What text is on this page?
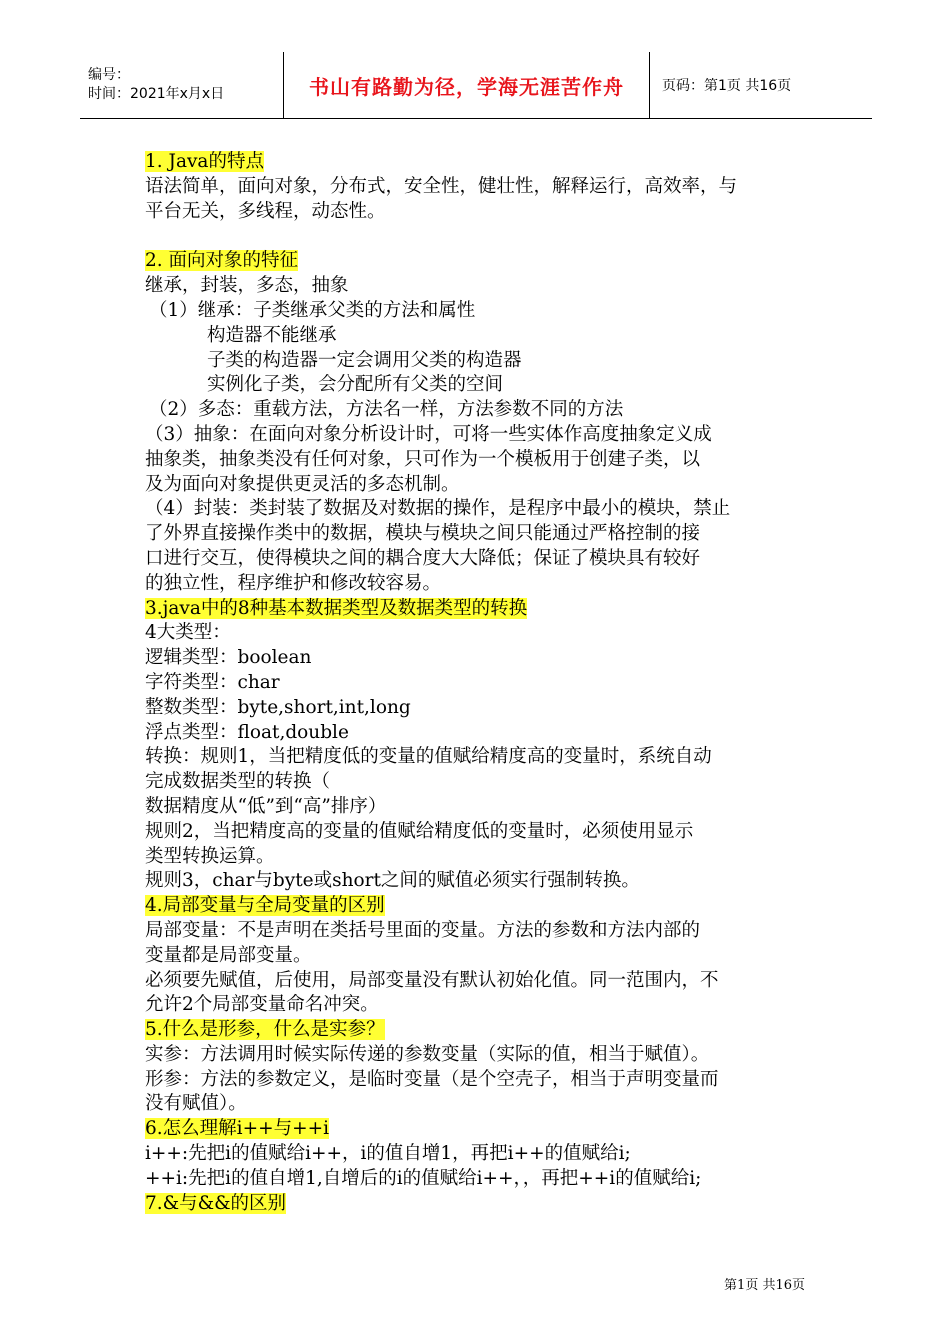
编号：
时间：2021年x月x日	书山有路勤为径，学海无涯苦作舟	页码：第1页 共16页
1. Java的特点
语法简单，面向对象，分布式，安全性，健壮性，解释运行，高效率，与
平台无关，多线程，动态性。
2. 面向对象的特征
继承，封装，多态，抽象
（1）继承：子类继承父类的方法和属性
构造器不能继承
子类的构造器一定会调用父类的构造器
实例化子类，会分配所有父类的空间
（2）多态：重载方法，方法名一样，方法参数不同的方法
（3）抽象：在面向对象分析设计时，可将一些实体作高度抽象定义成
抽象类，抽象类没有任何对象，只可作为一个模板用于创建子类，以
及为面向对象提供更灵活的多态机制。
（4）封装：类封装了数据及对数据的操作，是程序中最小的模块，禁止
了外界直接操作类中的数据，模块与模块之间只能通过严格控制的接
口进行交互，使得模块之间的耦合度大大降低；保证了模块具有较好
的独立性，程序维护和修改较容易。
3.java中的8种基本数据类型及数据类型的转换
4大类型：
逻辑类型：boolean
字符类型：char
整数类型：byte,short,int,long
浮点类型：float,double
转换：规则1，当把精度低的变量的值赋给精度高的变量时，系统自动
完成数据类型的转换（
数据精度从“低”到“高”排序）
规则2，当把精度高的变量的值赋给精度低的变量时，必须使用显示
类型转换运算。
规则3，char与byte或short之间的赋值必须实行强制转换。
4.局部变量与全局变量的区别
局部变量：不是声明在类括号里面的变量。方法的参数和方法内部的
变量都是局部变量。
必须要先赋值，后使用，局部变量没有默认初始化值。同一范围内，不
允许2个局部变量命名冲突。
5.什么是形参，什么是实参？
实参：方法调用时候实际传递的参数变量（实际的值，相当于赋值）。
形参：方法的参数定义，是临时变量（是个空壳子，相当于声明变量而
没有赋值）。
6.怎么理解i++与++i
i++:先把i的值赋给i++，i的值自增1，再把i++的值赋给i;
++i:先把i的值自增1,自增后的i的值赋给i++，，再把++i的值赋给i;
7.&与&&的区别
第1页 共16页
